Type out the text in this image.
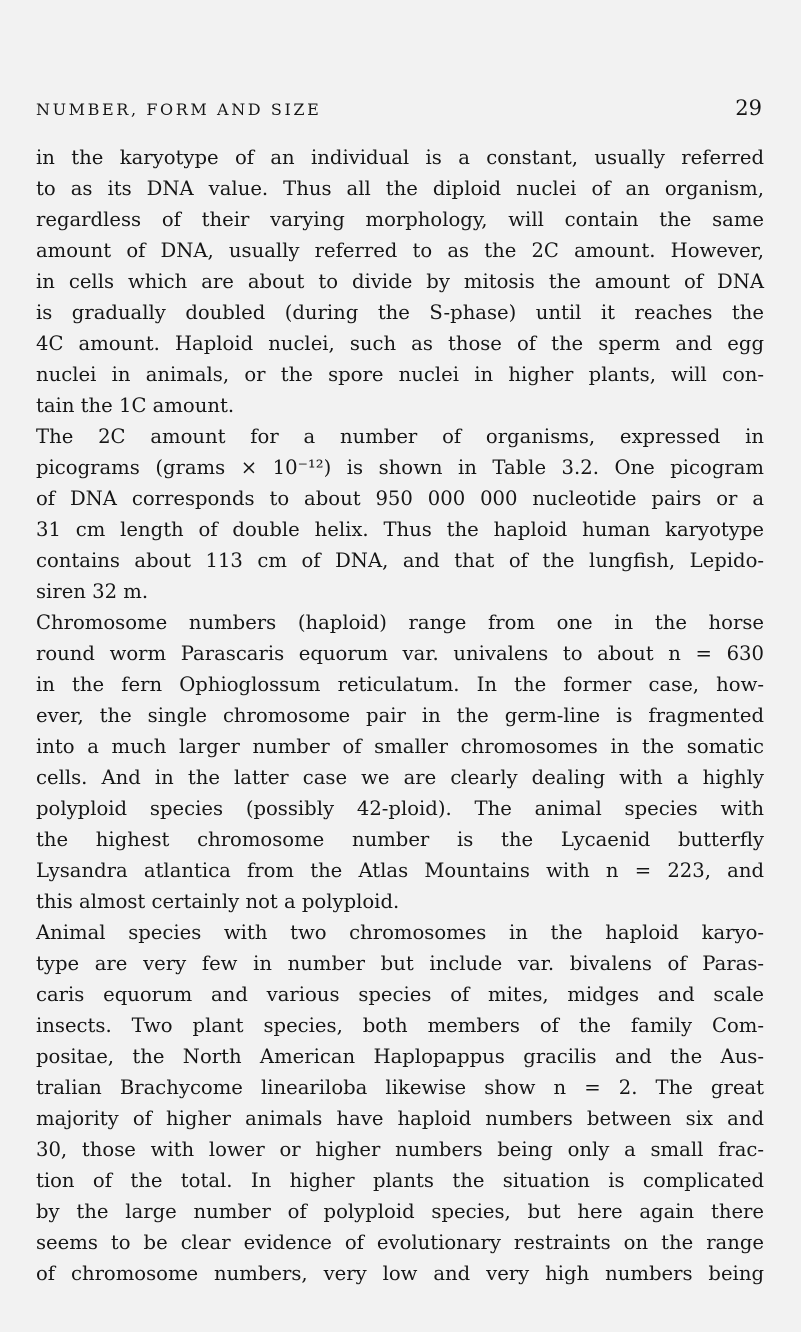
NUMBER, FORM AND SIZE	29

in the karyotype of an individual is a constant, usually referred
to as its DNA value. Thus all the diploid nuclei of an organism,
regardless of their varying morphology, will contain the same
amount of DNA, usually referred to as the 2C amount. However,
in cells which are about to divide by mitosis the amount of DNA
is gradually doubled (during the S-phase) until it reaches the
4C amount. Haploid nuclei, such as those of the sperm and egg
nuclei in animals, or the spore nuclei in higher plants, will con-
tain the 1C amount.

The 2C amount for a number of organisms, expressed in
picograms (grams × 10⁻¹²) is shown in Table 3.2. One picogram
of DNA corresponds to about 950 000 000 nucleotide pairs or a
31 cm length of double helix. Thus the haploid human karyotype
contains about 113 cm of DNA, and that of the lungfish, Lepido-
siren 32 m.

Chromosome numbers (haploid) range from one in the horse
round worm Parascaris equorum var. univalens to about n = 630
in the fern Ophioglossum reticulatum. In the former case, how-
ever, the single chromosome pair in the germ-line is fragmented
into a much larger number of smaller chromosomes in the somatic
cells. And in the latter case we are clearly dealing with a highly
polyploid species (possibly 42-ploid). The animal species with
the highest chromosome number is the Lycaenid butterfly
Lysandra atlantica from the Atlas Mountains with n = 223, and
this almost certainly not a polyploid.

Animal species with two chromosomes in the haploid karyo-
type are very few in number but include var. bivalens of Paras-
caris equorum and various species of mites, midges and scale
insects. Two plant species, both members of the family Com-
positae, the North American Haplopappus gracilis and the Aus-
tralian Brachycome lineariloba likewise show n = 2. The great
majority of higher animals have haploid numbers between six and
30, those with lower or higher numbers being only a small frac-
tion of the total. In higher plants the situation is complicated
by the large number of polyploid species, but here again there
seems to be clear evidence of evolutionary restraints on the range
of chromosome numbers, very low and very high numbers being
